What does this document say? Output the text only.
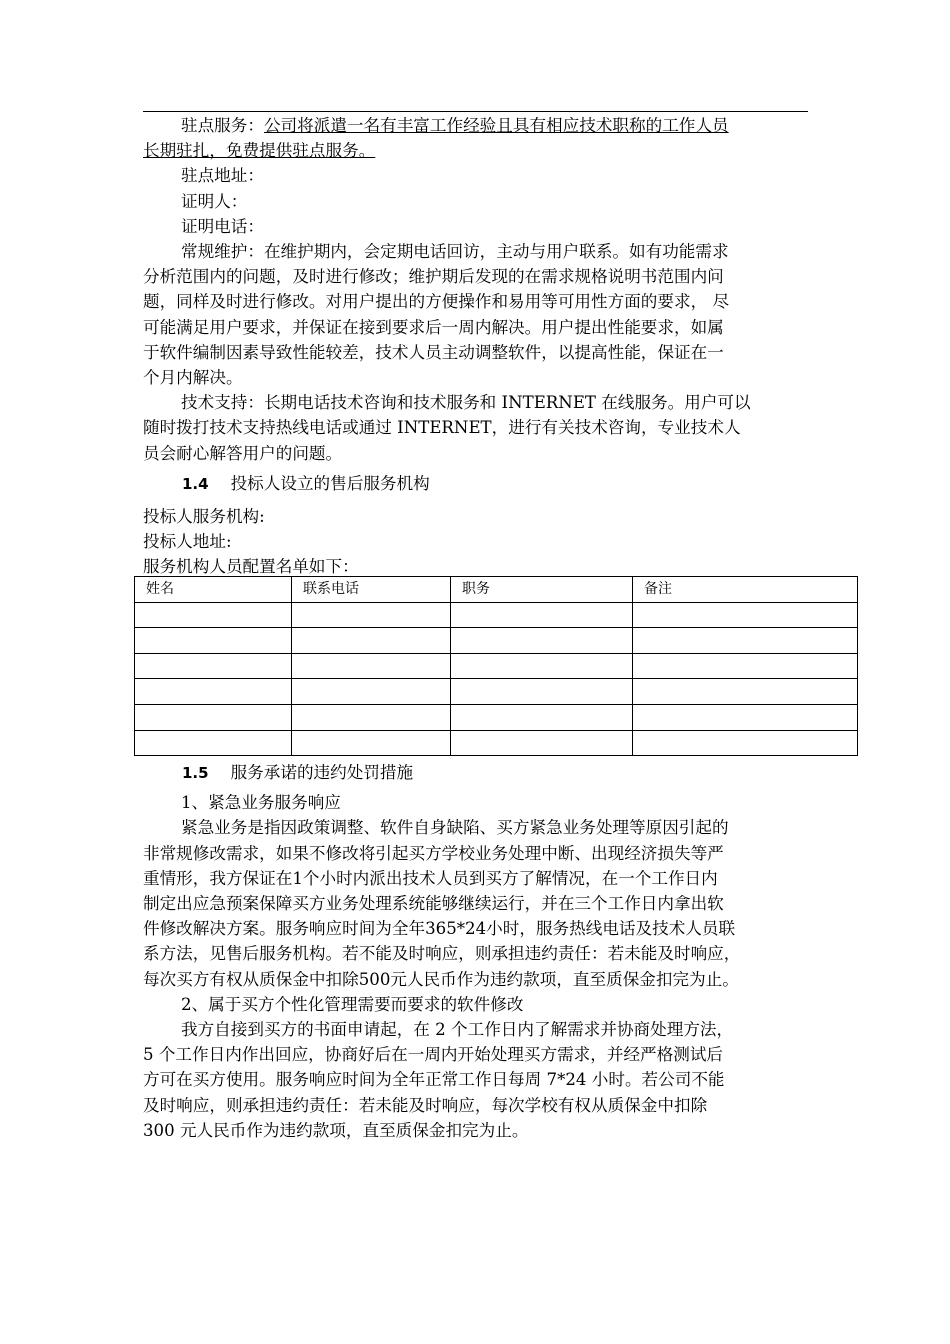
驻点服务：公司将派遣一名有丰富工作经验且具有相应技术职称的工作人员

长期驻扎，免费提供驻点服务。

驻点地址：

证明人：

证明电话：

常规维护：在维护期内，会定期电话回访，主动与用户联系。如有功能需求

分析范围内的问题，及时进行修改；维护期后发现的在需求规格说明书范围内问

题，同样及时进行修改。对用户提出的方便操作和易用等可用性方面的要求， 尽

可能满足用户要求，并保证在接到要求后一周内解决。用户提出性能要求，如属

于软件编制因素导致性能较差，技术人员主动调整软件，以提高性能，保证在一

个月内解决。

技术支持：长期电话技术咨询和技术服务和 INTERNET 在线服务。用户可以

随时拨打技术支持热线电话或通过 INTERNET，进行有关技术咨询，专业技术人

员会耐心解答用户的问题。

1.4 投标人设立的售后服务机构

投标人服务机构:

投标人地址:

服务机构人员配置名单如下：

姓名	联系电话	职务	备注

1.5 服务承诺的违约处罚措施

1、紧急业务服务响应

紧急业务是指因政策调整、软件自身缺陷、买方紧急业务处理等原因引起的

非常规修改需求，如果不修改将引起买方学校业务处理中断、出现经济损失等严

重情形，我方保证在1个小时内派出技术人员到买方了解情况，在一个工作日内

制定出应急预案保障买方业务处理系统能够继续运行，并在三个工作日内拿出软

件修改解决方案。服务响应时间为全年365*24小时，服务热线电话及技术人员联

系方法，见售后服务机构。若不能及时响应，则承担违约责任：若未能及时响应，

每次买方有权从质保金中扣除500元人民币作为违约款项，直至质保金扣完为止。

2、属于买方个性化管理需要而要求的软件修改

我方自接到买方的书面申请起，在 2 个工作日内了解需求并协商处理方法，

5 个工作日内作出回应，协商好后在一周内开始处理买方需求，并经严格测试后

方可在买方使用。服务响应时间为全年正常工作日每周 7*24 小时。若公司不能

及时响应，则承担违约责任：若未能及时响应，每次学校有权从质保金中扣除

300 元人民币作为违约款项，直至质保金扣完为止。
